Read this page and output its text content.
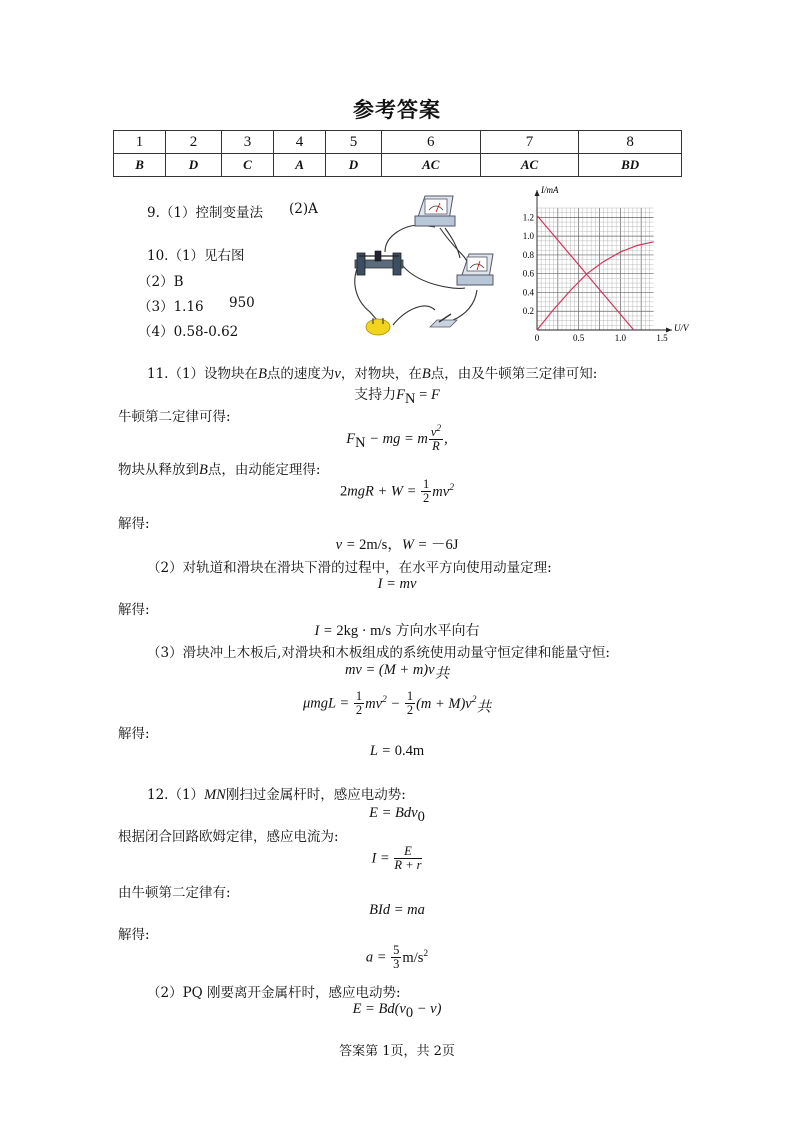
参考答案
1	2	3	4	5	6	7	8
B	D	C	A	D	AC	AC	BD
9.（1）控制变量法 (2)A
10.（1）见右图
（2）B
（3）1.16 950
（4）0.58-0.62	0	0.5	1.0	1.5
0.2
0.4
0.6
0.8
1.0
1.2
U/V
I/mA
11.（1）设物块在B点的速度为v，对物块，在B点，由及牛顿第三定律可知:
支持力$F_N = F$
牛顿第二定律可得:
$F_N$ − mg = m $\frac{v^2}{R}$ ,
物块从释放到B点，由动能定理得:
$2mgR + W = \frac{1}{2} mv^2$
解得:
v = 2m/s，W = －6J
（2）对轨道和滑块在滑块下滑的过程中，在水平方向使用动量定理:
I = mv
解得:
I = 2kg · m/s 方向水平向右
（3）滑块冲上木板后,对滑块和木板组成的系统使用动量守恒定律和能量守恒:
mv = $(M + m)v_共$
$\mu mgL = \frac{1}{2} mv^2 - \frac{1}{2} (m + M)v^2_共$
解得:
L = 0.4m
12.（1）MN刚扫过金属杆时，感应电动势:
E = Bdv$_0$
根据闭合回路欧姆定律，感应电流为:
$I = \frac{E}{R + r}$
由牛顿第二定律有:
BId = ma
解得:
$a = \frac{5}{3} m/s^2$
（2）PQ 刚要离开金属杆时，感应电动势:
$E = Bd(v_0 - v)$
答案第 1页，共 2页
